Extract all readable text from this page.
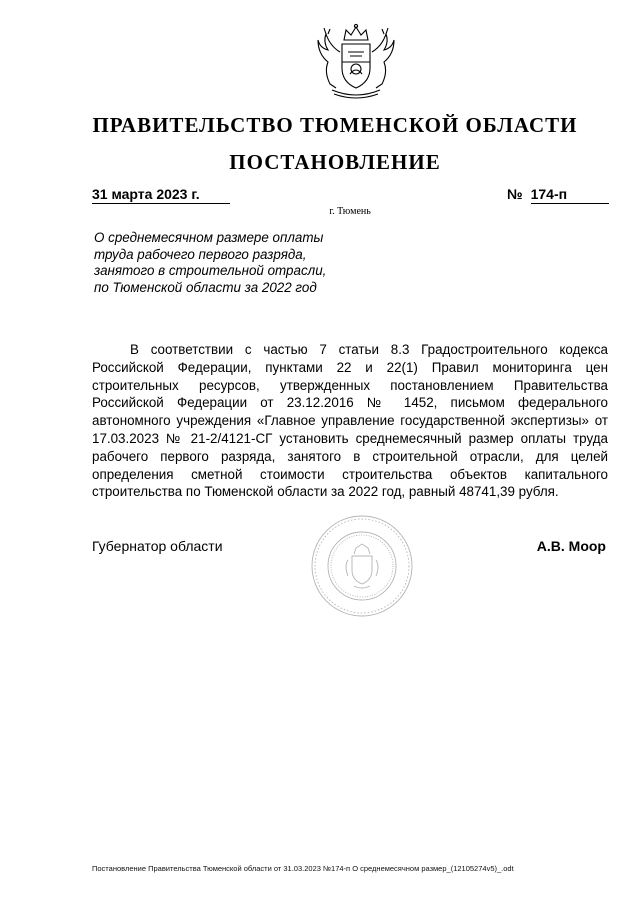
ПРАВИТЕЛЬСТВО ТЮМЕНСКОЙ ОБЛАСТИ
ПОСТАНОВЛЕНИЕ
31 марта 2023 г.	№ 174-п
г. Тюмень
О среднемесячном размере оплаты
труда рабочего первого разряда,
занятого в строительной отрасли,
по Тюменской области за 2022 год
В соответствии с частью 7 статьи 8.3 Градостроительного кодекса Российской Федерации, пунктами 22 и 22(1) Правил мониторинга цен строительных ресурсов, утвержденных постановлением Правительства Российской Федерации от 23.12.2016 № 1452, письмом федерального автономного учреждения «Главное управление государственной экспертизы» от 17.03.2023 № 21-2/4121-СГ установить среднемесячный размер оплаты труда рабочего первого разряда, занятого в строительной отрасли, для целей определения сметной стоимости строительства объектов капитального строительства по Тюменской области за 2022 год, равный 48741,39 рубля.
Губернатор области	А.В. Моор
Постановление Правительства Тюменской области от 31.03.2023 №174-п О среднемесячном размер_(12105274v5)_.odt
